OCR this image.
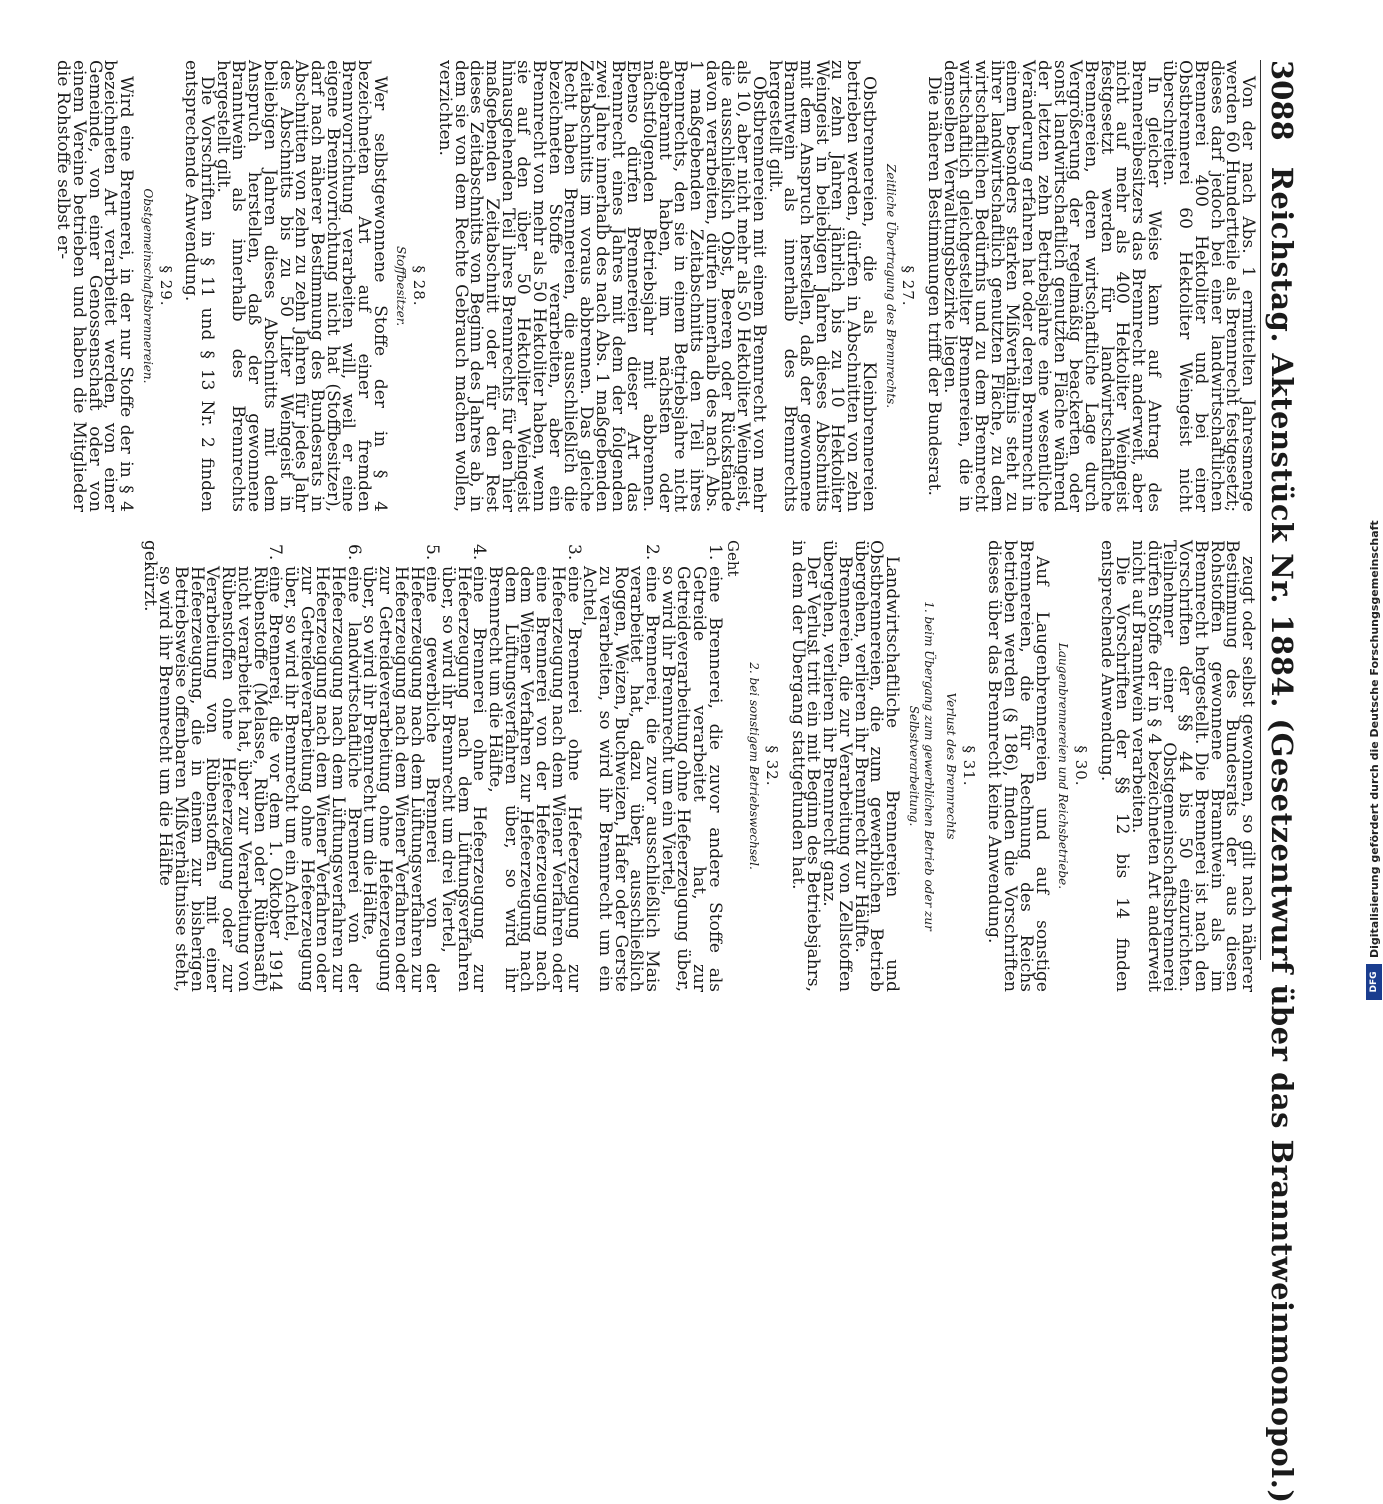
3088
Reichstag. Aktenstück Nr. 1884. (Gesetzentwurf über das Branntweinmonopol.)

Von der nach Abs. 1 ermittelten Jahresmenge werden 60 Hundertteile als Brennrecht festgesetzt; dieses darf jedoch bei einer landwirtschaftlichen Brennerei 400 Hektoliter und bei einer Obstbrennerei 60 Hektoliter Weingeist nicht überschreiten.

In gleicher Weise kann auf Antrag des Brennereibesitzers das Brennrecht anderweit, aber nicht auf mehr als 400 Hektoliter Weingeist festgesetzt werden für landwirtschaftliche Brennereien, deren wirtschaftliche Lage durch Vergrößerung der regelmäßig beackerten oder sonst landwirtschaftlich genutzten Fläche während der letzten zehn Betriebsjahre eine wesentliche Veränderung erfahren hat oder deren Brennrecht in einem besonders starken Mißverhältnis steht zu ihrer landwirtschaftlich genutzten Fläche, zu dem wirtschaftlichen Bedürfnis und zu dem Brennrecht wirtschaftlich gleichgestellter Brennereien, die in demselben Verwaltungsbezirke liegen.

Die näheren Bestimmungen trifft der Bundesrat.

§ 27.
Zeitliche Übertragung des Brennrechts.

Obstbrennereien, die als Kleinbrennereien betrieben werden, dürfen in Abschnitten von zehn zu zehn Jahren jährlich bis zu 10 Hektoliter Weingeist in beliebigen Jahren dieses Abschnitts mit dem Anspruch herstellen, daß der gewonnene Branntwein als innerhalb des Brennrechts hergestellt gilt.

Obstbrennereien mit einem Brennrecht von mehr als 10, aber nicht mehr als 50 Hektoliter Weingeist, die ausschließlich Obst, Beeren oder Rückstände davon verarbeiten, dürfen innerhalb des nach Abs. 1 maßgebenden Zeitabschnitts den Teil ihres Brennrechts, den sie in einem Betriebsjahre nicht abgebrannt haben, im nächsten oder nächstfolgenden Betriebsjahr mit abbrennen. Ebenso dürfen Brennereien dieser Art das Brennrecht eines Jahres mit dem der folgenden zwei Jahre innerhalb des nach Abs. 1 maßgebenden Zeitabschnitts im voraus abbrennen. Das gleiche Recht haben Brennereien, die ausschließlich die bezeichneten Stoffe verarbeiten, aber ein Brennrecht von mehr als 50 Hektoliter haben, wenn sie auf den über 50 Hektoliter Weingeist hinausgehenden Teil ihres Brennrechts für den hier maßgebenden Zeitabschnitt oder für den Rest dieses Zeitabschnitts von Beginn des Jahres ab, in dem sie von dem Rechte Gebrauch machen wollen, verzichten.

§ 28.
Stoffbesitzer.

Wer selbstgewonnene Stoffe der in § 4 bezeichneten Art auf einer fremden Brennvorrichtung verarbeiten will, weil er eine eigene Brennvorrichtung nicht hat (Stoffbesitzer), darf nach näherer Bestimmung des Bundesrats in Abschnitten von zehn zu zehn Jahren für jedes Jahr des Abschnitts bis zu 50 Liter Weingeist in beliebigen Jahren dieses Abschnitts mit dem Anspruch herstellen, daß der gewonnene Branntwein als innerhalb des Brennrechts hergestellt gilt.

Die Vorschriften in § 11 und § 13 Nr. 2 finden entsprechende Anwendung.

§ 29.
Obstgemeinschaftsbrennereien.

Wird eine Brennerei, in der nur Stoffe der in § 4 bezeichneten Art verarbeitet werden, von einer Gemeinde, von einer Genossenschaft oder von einem Vereine betrieben und haben die Mitglieder die Rohstoffe selbst er-

zeugt oder selbst gewonnen, so gilt nach näherer Bestimmung des Bundesrats der aus diesen Rohstoffen gewonnene Branntwein als im Brennrecht hergestellt. Die Brennerei ist nach den Vorschriften der §§ 44 bis 50 einzurichten. Teilnehmer einer Obstgemeinschaftsbrennerei dürfen Stoffe der in § 4 bezeichneten Art anderweit nicht auf Branntwein verarbeiten.

Die Vorschriften der §§ 12 bis 14 finden entsprechende Anwendung.

§ 30.
Laugenbrennereien und Reichsbetriebe.

Auf Laugenbrennereien und auf sonstige Brennereien, die für Rechnung des Reichs betrieben werden (§ 186), finden die Vorschriften dieses über das Brennrecht keine Anwendung.

§ 31.
Verlust des Brennrechts
1. beim Übergang zum gewerblichen Betrieb oder zur Selbstverarbeitung.

Landwirtschaftliche Brennereien und Obstbrennereien, die zum gewerblichen Betrieb übergehen, verlieren ihr Brennrecht zur Hälfte.

Brennereien, die zur Verarbeitung von Zellstoffen übergehen, verlieren ihr Brennrecht ganz.

Der Verlust tritt ein mit Beginn des Betriebsjahrs, in dem der Übergang stattgefunden hat.

§ 32.
2. bei sonstigem Betriebswechsel.
Geht
1.
eine Brennerei, die zuvor andere Stoffe als Getreide verarbeitet hat, zur Getreideverarbeitung ohne Hefeerzeugung über, so wird ihr Brennrecht um ein Viertel,
2.
eine Brennerei, die zuvor ausschließlich Mais verarbeitet hat, dazu über, ausschließlich Roggen, Weizen, Buchweizen, Hafer oder Gerste zu verarbeiten, so wird ihr Brennrecht um ein Achtel,
3.
eine Brennerei ohne Hefeerzeugung zur Hefeerzeugung nach dem Wiener Verfahren oder eine Brennerei von der Hefeerzeugung nach dem Wiener Verfahren zur Hefeerzeugung nach dem Lüftungsverfahren über, so wird ihr Brennrecht um die Hälfte,
4.
eine Brennerei ohne Hefeerzeugung zur Hefeerzeugung nach dem Lüftungsverfahren über, so wird ihr Brennrecht um drei Viertel,
5.
eine gewerbliche Brennerei von der Hefeerzeugung nach dem Lüftungsverfahren zur Hefeerzeugung nach dem Wiener Verfahren oder zur Getreideverarbeitung ohne Hefeerzeugung über, so wird ihr Brennrecht um die Hälfte,
6.
eine landwirtschaftliche Brennerei von der Hefeerzeugung nach dem Lüftungsverfahren zur Hefeerzeugung nach dem Wiener Verfahren oder zur Getreideverarbeitung ohne Hefeerzeugung über, so wird ihr Brennrecht um ein Achtel,
7.
eine Brennerei, die vor dem 1. Oktober 1914 Rübenstoffe (Melasse, Rüben oder Rübensaft) nicht verarbeitet hat, über zur Verarbeitung von Rübenstoffen ohne Hefeerzeugung oder zur Verarbeitung von Rübenstoffen mit einer Hefeerzeugung, die in einem zur bisherigen Betriebsweise offenbaren Mißverhältnisse steht, so wird ihr Brennrecht um die Hälfte

gekürzt.

DFG
Digitalisierung gefördert durch die Deutsche Forschungsgemeinschaft
